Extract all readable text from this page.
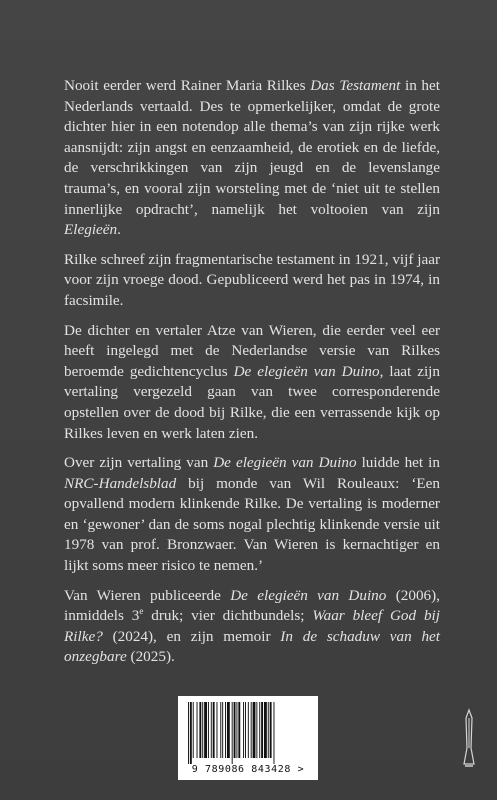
Nooit eerder werd Rainer Maria Rilkes Das Testament in het Nederlands vertaald. Des te opmerkelijker, omdat de grote dichter hier in een notendop alle thema’s van zijn rijke werk aansnijdt: zijn angst en eenzaamheid, de erotiek en de liefde, de verschrikkingen van zijn jeugd en de levenslange trauma’s, en vooral zijn worsteling met de ‘niet uit te stellen innerlijke opdracht’, namelijk het voltooien van zijn Elegieën.

Rilke schreef zijn fragmentarische testament in 1921, vijf jaar voor zijn vroege dood. Gepubliceerd werd het pas in 1974, in facsimile.

De dichter en vertaler Atze van Wieren, die eerder veel eer heeft ingelegd met de Nederlandse versie van Rilkes beroemde gedichtencyclus De elegieën van Duino, laat zijn vertaling vergezeld gaan van twee corresponderende opstellen over de dood bij Rilke, die een verrassende kijk op Rilkes leven en werk laten zien.

Over zijn vertaling van De elegieën van Duino luidde het in NRC-Handelsblad bij monde van Wil Rouleaux: ‘Een opvallend modern klinkende Rilke. De vertaling is moderner en ‘gewoner’ dan de soms nogal plechtig klinkende versie uit 1978 van prof. Bronzwaer. Van Wieren is kernachtiger en lijkt soms meer risico te nemen.’

Van Wieren publiceerde De elegieën van Duino (2006), inmiddels 3e druk; vier dichtbundels; Waar bleef God bij Rilke? (2024), en zijn memoir In de schaduw van het onzegbare (2025).

9 789086 843428 >
